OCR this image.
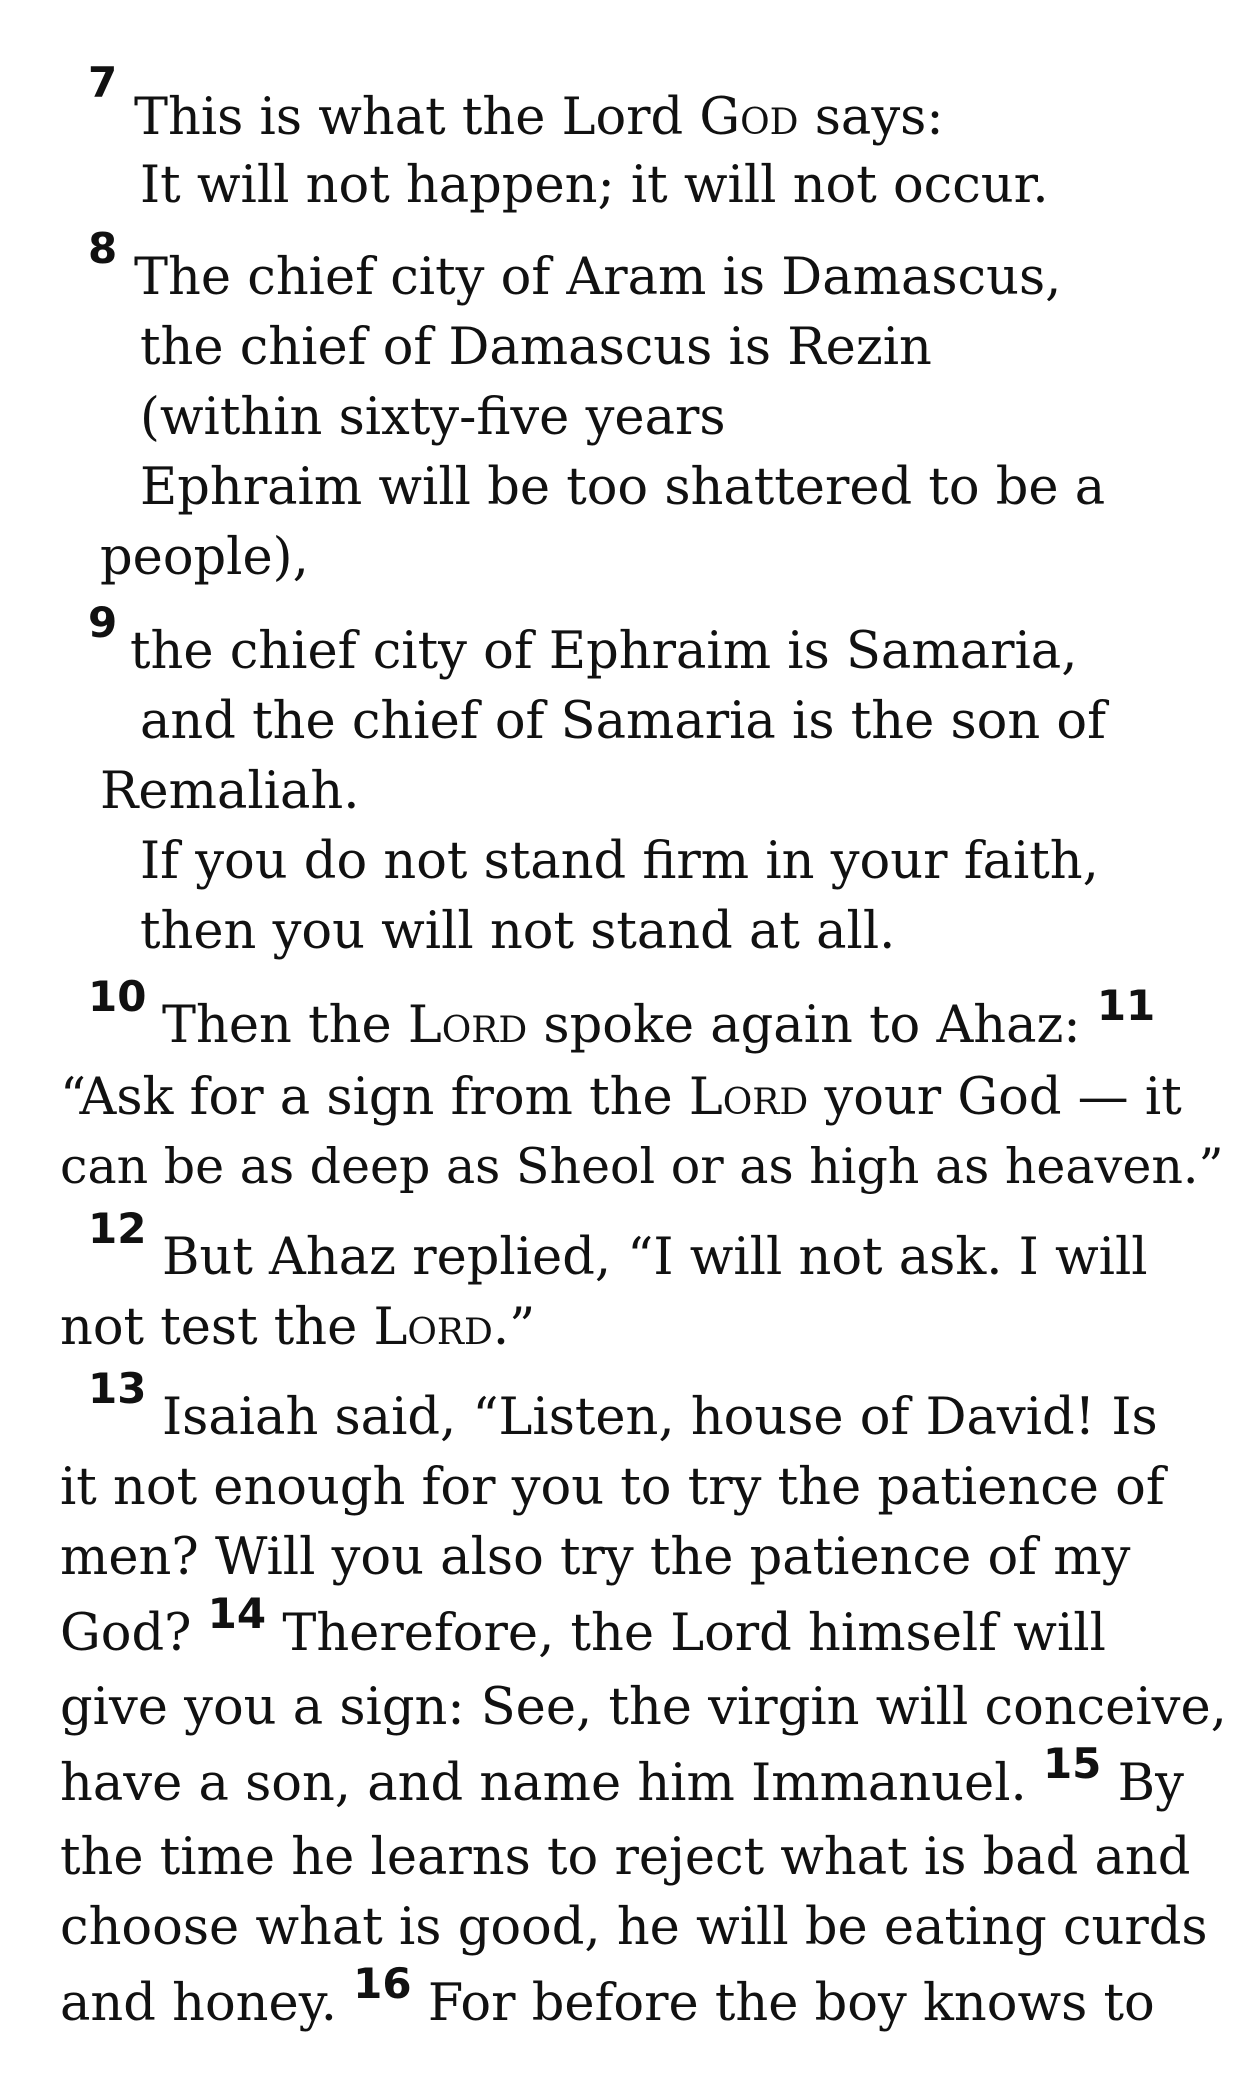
7
This is what the Lord God says:
It will not happen; it will not occur.
8 The chief city of Aram is Damascus,
the chief of Damascus is Rezin
(within sixty-five years
Ephraim will be too shattered to be a
people),
9 the chief city of Ephraim is Samaria,
and the chief of Samaria is the son of
Remaliah.
If you do not stand firm in your faith,
then you will not stand at all.
10 Then the Lord spoke again to Ahaz: $^{11}$
“Ask for a sign from the Lord your God — it
can be as deep as Sheol or as high as heaven.”
12 But Ahaz replied, “I will not ask. I will
not test the Lord.”
13 Isaiah said, “Listen, house of David! Is
it not enough for you to try the patience of
men? Will you also try the patience of my
God? $^{14}$ Therefore, the Lord himself will
give you a sign: See, the virgin will conceive,
have a son, and name him Immanuel. $^{15}$ By
the time he learns to reject what is bad and
choose what is good, he will be eating curds
and honey. $^{16}$ For before the boy knows to
